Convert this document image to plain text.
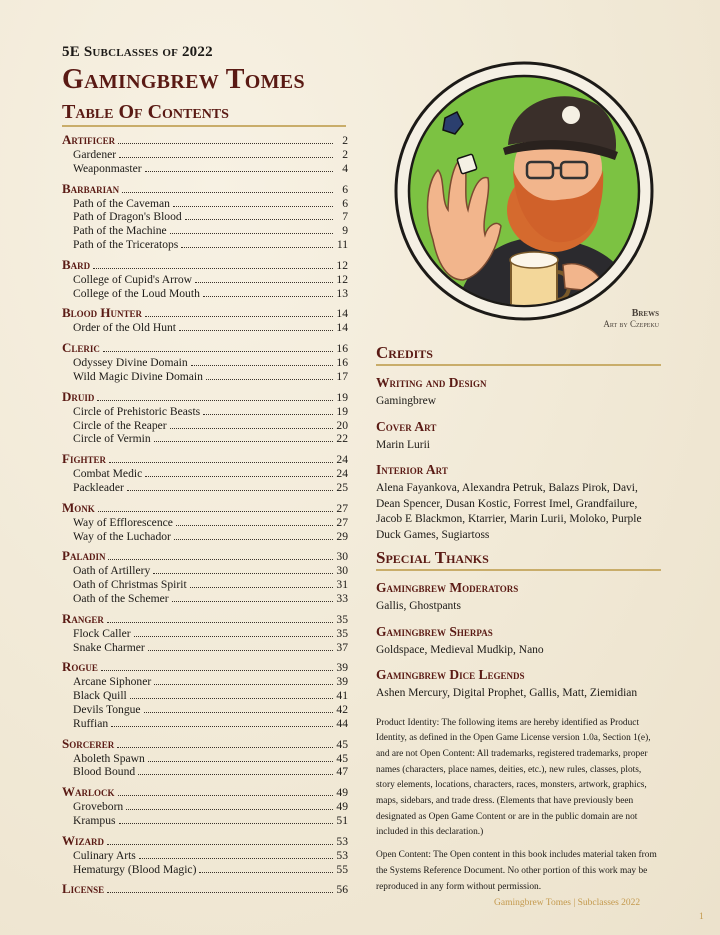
5E Subclasses of 2022
Gamingbrew Tomes
Table Of Contents
Artificer	2
Gardener	2
Weaponmaster	4
Barbarian	6
Path of the Caveman	6
Path of Dragon's Blood	7
Path of the Machine	9
Path of the Triceratops	11
Bard	12
College of Cupid's Arrow	12
College of the Loud Mouth	13
Blood Hunter	14
Order of the Old Hunt	14
Cleric	16
Odyssey Divine Domain	16
Wild Magic Divine Domain	17
Druid	19
Circle of Prehistoric Beasts	19
Circle of the Reaper	20
Circle of Vermin	22
Fighter	24
Combat Medic	24
Packleader	25
Monk	27
Way of Efflorescence	27
Way of the Luchador	29
Paladin	30
Oath of Artillery	30
Oath of Christmas Spirit	31
Oath of the Schemer	33
Ranger	35
Flock Caller	35
Snake Charmer	37
Rogue	39
Arcane Siphoner	39
Black Quill	41
Devils Tongue	42
Ruffian	44
Sorcerer	45
Aboleth Spawn	45
Blood Bound	47
Warlock	49
Groveborn	49
Krampus	51
Wizard	53
Culinary Arts	53
Hematurgy (Blood Magic)	55
License	56
Brews
Art by Czepeku
Credits
Writing and Design

Gamingbrew

Cover Art

Marin Lurii

Interior Art

Alena Fayankova, Alexandra Petruk, Balazs Pirok, Davi, Dean Spencer, Dusan Kostic, Forrest Imel, Grandfailure, Jacob E Blackmon, Ktarrier, Marin Lurii, Moloko, Purple Duck Games, Sugiartoss

Special Thanks
Gamingbrew Moderators

Gallis, Ghostpants

Gamingbrew Sherpas

Goldspace, Medieval Mudkip, Nano

Gamingbrew Dice Legends

Ashen Mercury, Digital Prophet, Gallis, Matt, Ziemidian

Product Identity: The following items are hereby identified as Product Identity, as defined in the Open Game License version 1.0a, Section 1(e), and are not Open Content: All trademarks, registered trademarks, proper names (characters, place names, deities, etc.), new rules, classes, plots, story elements, locations, characters, races, monsters, artwork, graphics, maps, sidebars, and trade dress. (Elements that have previously been designated as Open Game Content or are in the public domain are not included in this declaration.)

Open Content: The Open content in this book includes material taken from the Systems Reference Document. No other portion of this work may be reproduced in any form without permission.

Gamingbrew Tomes | Subclasses 2022
1
